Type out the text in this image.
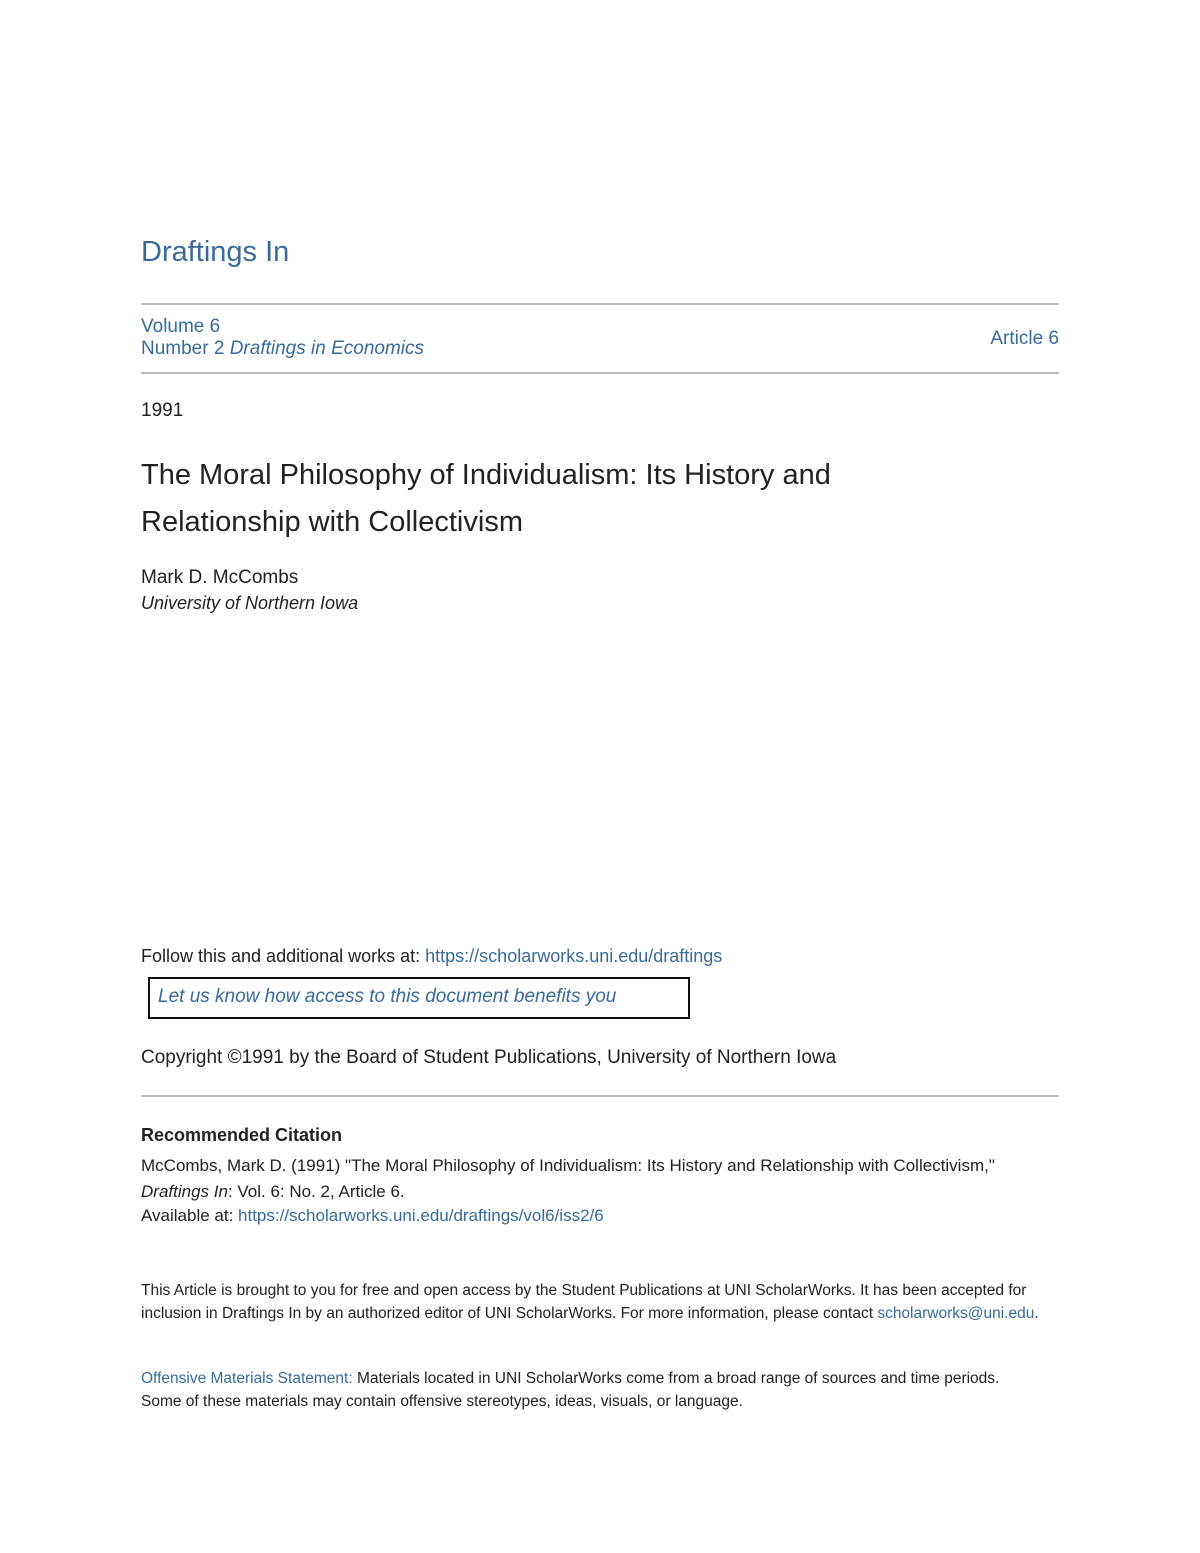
Draftings In
Volume 6
Number 2 Draftings in Economics	Article 6
1991
The Moral Philosophy of Individualism: Its History and Relationship with Collectivism
Mark D. McCombs
University of Northern Iowa
Follow this and additional works at: https://scholarworks.uni.edu/draftings
Let us know how access to this document benefits you
Copyright ©1991 by the Board of Student Publications, University of Northern Iowa
Recommended Citation
McCombs, Mark D. (1991) "The Moral Philosophy of Individualism: Its History and Relationship with Collectivism," Draftings In: Vol. 6: No. 2, Article 6.
Available at: https://scholarworks.uni.edu/draftings/vol6/iss2/6
This Article is brought to you for free and open access by the Student Publications at UNI ScholarWorks. It has been accepted for inclusion in Draftings In by an authorized editor of UNI ScholarWorks. For more information, please contact scholarworks@uni.edu.
Offensive Materials Statement: Materials located in UNI ScholarWorks come from a broad range of sources and time periods. Some of these materials may contain offensive stereotypes, ideas, visuals, or language.
